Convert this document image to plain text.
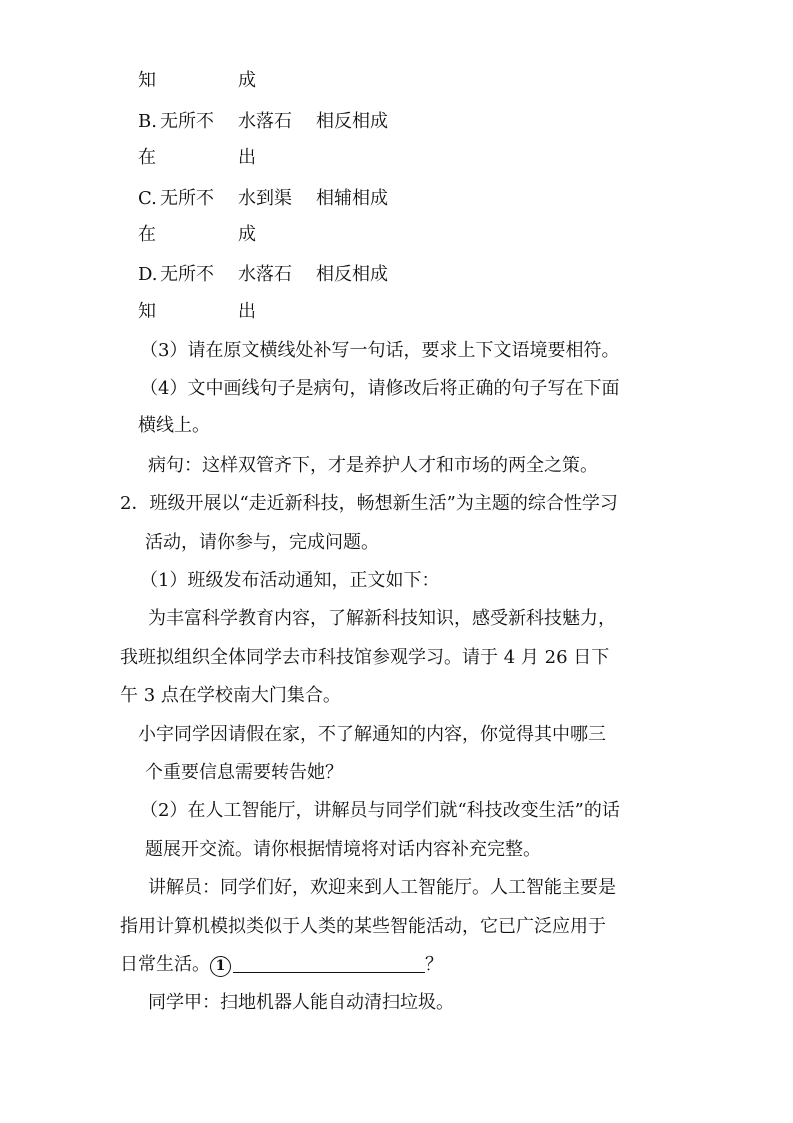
知	成
B. 无所不 水落石 相反相成
在	出
C. 无所不 水到渠 相辅相成
在	成
D. 无所不 水落石 相反相成
知	出
（3）请在原文横线处补写一句话，要求上下文语境要相符。
（4）文中画线句子是病句，请修改后将正确的句子写在下面
横线上。
病句：这样双管齐下，才是养护人才和市场的两全之策。
2．班级开展以“走近新科技，畅想新生活”为主题的综合性学习
活动，请你参与，完成问题。
（1）班级发布活动通知，正文如下：
为丰富科学教育内容，了解新科技知识，感受新科技魅力，
我班拟组织全体同学去市科技馆参观学习。请于 4 月 26 日下
午 3 点在学校南大门集合。
小宇同学因请假在家，不了解通知的内容，你觉得其中哪三
个重要信息需要转告她？
（2）在人工智能厅，讲解员与同学们就“科技改变生活”的话
题展开交流。请你根据情境将对话内容补充完整。
讲解员：同学们好，欢迎来到人工智能厅。人工智能主要是
指用计算机模拟类似于人类的某些智能活动，它已广泛应用于
日常生活。 1	？
同学甲：扫地机器人能自动清扫垃圾。
